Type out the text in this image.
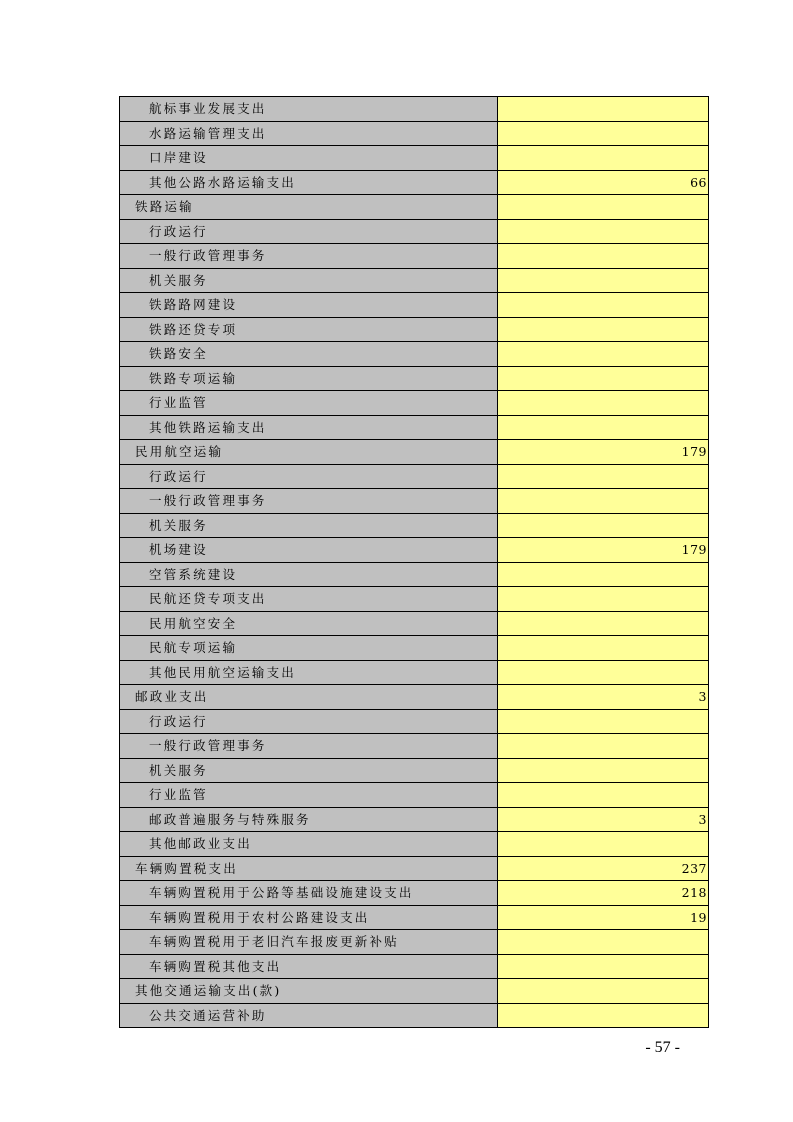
航标事业发展支出	
水路运输管理支出	
口岸建设	
其他公路水路运输支出	66
铁路运输	
行政运行	
一般行政管理事务	
机关服务	
铁路路网建设	
铁路还贷专项	
铁路安全	
铁路专项运输	
行业监管	
其他铁路运输支出	
民用航空运输	179
行政运行	
一般行政管理事务	
机关服务	
机场建设	179
空管系统建设	
民航还贷专项支出	
民用航空安全	
民航专项运输	
其他民用航空运输支出	
邮政业支出	3
行政运行	
一般行政管理事务	
机关服务	
行业监管	
邮政普遍服务与特殊服务	3
其他邮政业支出	
车辆购置税支出	237
车辆购置税用于公路等基础设施建设支出	218
车辆购置税用于农村公路建设支出	19
车辆购置税用于老旧汽车报废更新补贴	
车辆购置税其他支出	
其他交通运输支出(款)	
公共交通运营补助	
- 57 -
